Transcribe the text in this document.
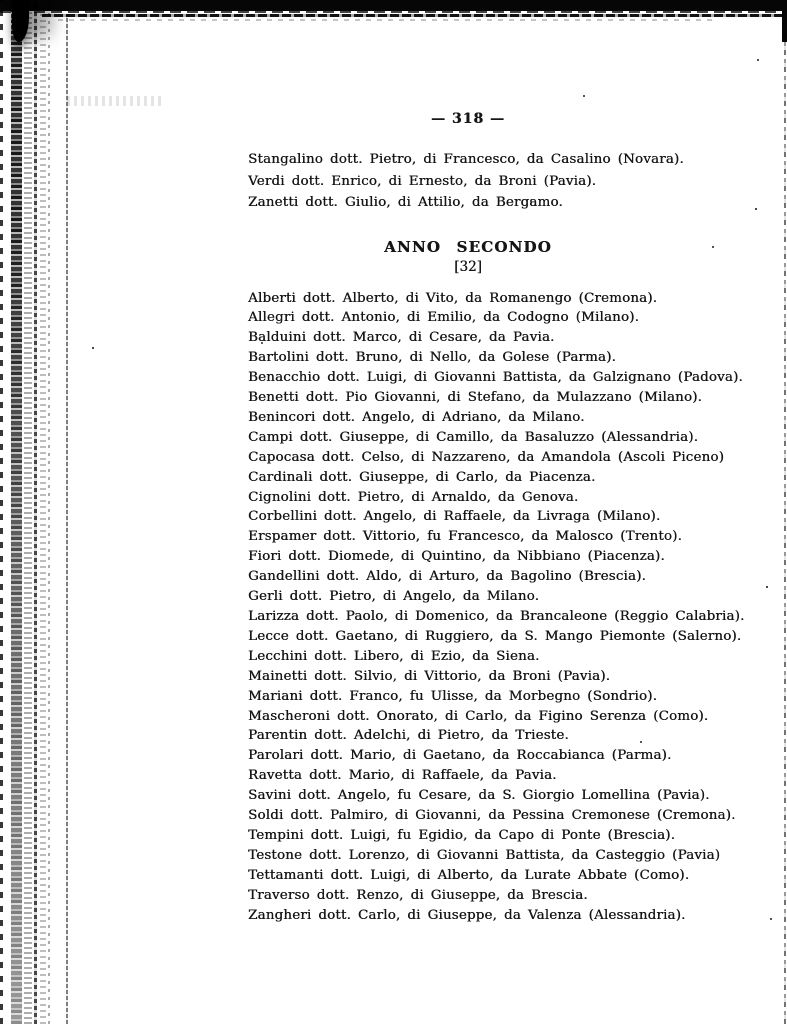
— 318 —
Stangalino dott. Pietro, di Francesco, da Casalino (Novara).
Verdi dott. Enrico, di Ernesto, da Broni (Pavia).
Zanetti dott. Giulio, di Attilio, da Bergamo.
ANNO SECONDO
[32]
Alberti dott. Alberto, di Vito, da Romanengo (Cremona).
Allegri dott. Antonio, di Emilio, da Codogno (Milano).
Balduini dott. Marco, di Cesare, da Pavia.
Bartolini dott. Bruno, di Nello, da Golese (Parma).
Benacchio dott. Luigi, di Giovanni Battista, da Galzignano (Padova).
Benetti dott. Pio Giovanni, di Stefano, da Mulazzano (Milano).
Benincori dott. Angelo, di Adriano, da Milano.
Campi dott. Giuseppe, di Camillo, da Basaluzzo (Alessandria).
Capocasa dott. Celso, di Nazzareno, da Amandola (Ascoli Piceno)
Cardinali dott. Giuseppe, di Carlo, da Piacenza.
Cignolini dott. Pietro, di Arnaldo, da Genova.
Corbellini dott. Angelo, di Raffaele, da Livraga (Milano).
Erspamer dott. Vittorio, fu Francesco, da Malosco (Trento).
Fiori dott. Diomede, di Quintino, da Nibbiano (Piacenza).
Gandellini dott. Aldo, di Arturo, da Bagolino (Brescia).
Gerli dott. Pietro, di Angelo, da Milano.
Larizza dott. Paolo, di Domenico, da Brancaleone (Reggio Calabria).
Lecce dott. Gaetano, di Ruggiero, da S. Mango Piemonte (Salerno).
Lecchini dott. Libero, di Ezio, da Siena.
Mainetti dott. Silvio, di Vittorio, da Broni (Pavia).
Mariani dott. Franco, fu Ulisse, da Morbegno (Sondrio).
Mascheroni dott. Onorato, di Carlo, da Figino Serenza (Como).
Parentin dott. Adelchi, di Pietro, da Trieste.
Parolari dott. Mario, di Gaetano, da Roccabianca (Parma).
Ravetta dott. Mario, di Raffaele, da Pavia.
Savini dott. Angelo, fu Cesare, da S. Giorgio Lomellina (Pavia).
Soldi dott. Palmiro, di Giovanni, da Pessina Cremonese (Cremona).
Tempini dott. Luigi, fu Egidio, da Capo di Ponte (Brescia).
Testone dott. Lorenzo, di Giovanni Battista, da Casteggio (Pavia)
Tettamanti dott. Luigi, di Alberto, da Lurate Abbate (Como).
Traverso dott. Renzo, di Giuseppe, da Brescia.
Zangheri dott. Carlo, di Giuseppe, da Valenza (Alessandria).
